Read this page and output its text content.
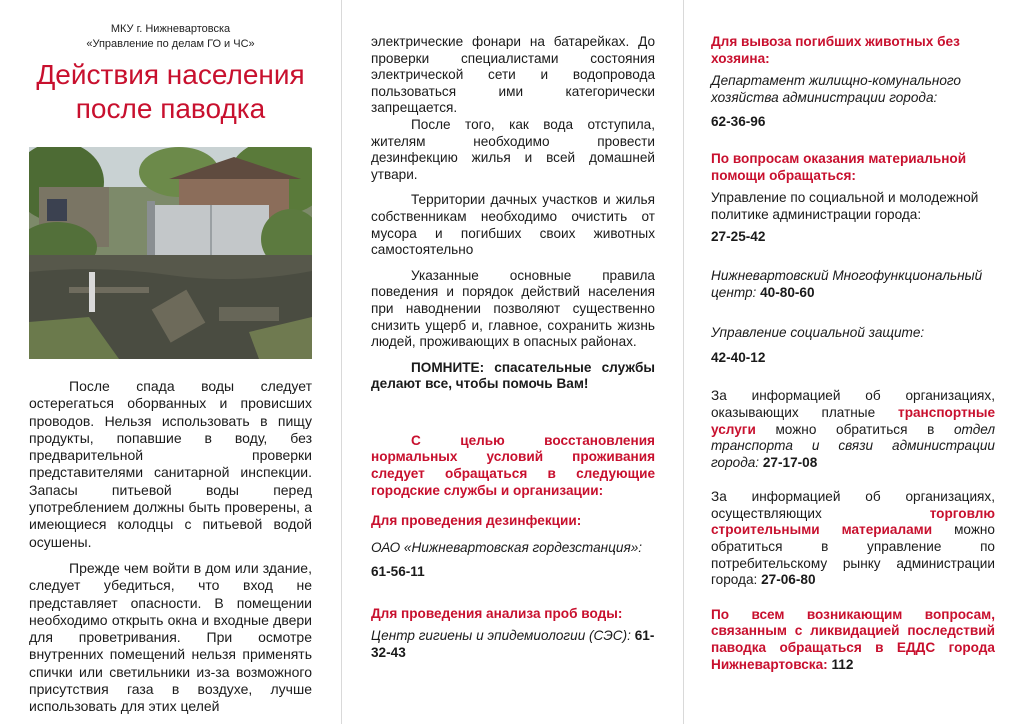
МКУ г. Нижневартовска
«Управление по делам ГО и ЧС»
Действия населения
после паводка

После спада воды следует остерегаться оборванных и провисших проводов. Нельзя использовать в пищу продукты, попавшие в воду, без предварительной проверки представителями санитарной инспекции. Запасы питьевой воды перед употреблением должны быть проверены, а имеющиеся колодцы с питьевой водой осушены.

Прежде чем войти в дом или здание, следует убедиться, что вход не представляет опасности. В помещении необходимо открыть окна и входные двери для проветривания. При осмотре внутренних помещений нельзя применять спички или светильники из-за возможного присутствия газа в воздухе, лучше использовать для этих целей

электрические фонари на батарейках. До проверки специалистами состояния электрической сети и водопровода пользоваться ими категорически запрещается.

После того, как вода отступила, жителям необходимо провести дезинфекцию жилья и всей домашней утвари.

Территории дачных участков и жилья собственникам необходимо очистить от мусора и погибших своих животных самостоятельно

Указанные основные правила поведения и порядок действий населения при наводнении позволяют существенно снизить ущерб и, главное, сохранить жизнь людей, проживающих в опасных районах.

ПОМНИТЕ: спасательные службы делают все, чтобы помочь Вам!

С целью восстановления нормальных условий проживания следует обращаться в следующие городские службы и организации:

Для проведения дезинфекции:

ОАО «Нижневартовская гордезстанция»: 61-56-11

Для проведения анализа проб воды:

Центр гигиены и эпидемиологии (СЭС): 61-32-43

Для вывоза погибших животных без хозяина:

Департамент жилищно-комунального хозяйства администрации города:

62-36-96

По вопросам оказания материальной помощи обращаться:

Управление по социальной и молодежной политике администрации города:

27-25-42

Нижневартовский Многофункциональный центр: 40-80-60

Управление социальной защите:

42-40-12

За информацией об организациях, оказывающих платные транспортные услуги можно обратиться в отдел транспорта и связи администрации города: 27-17-08

За информацией об организациях, осуществляющих торговлю строительными материалами можно обратиться в управление по потребительскому рынку администрации города: 27-06-80

По всем возникающим вопросам, связанным с ликвидацией последствий паводка обращаться в ЕДДС города Нижневартовска: 112
